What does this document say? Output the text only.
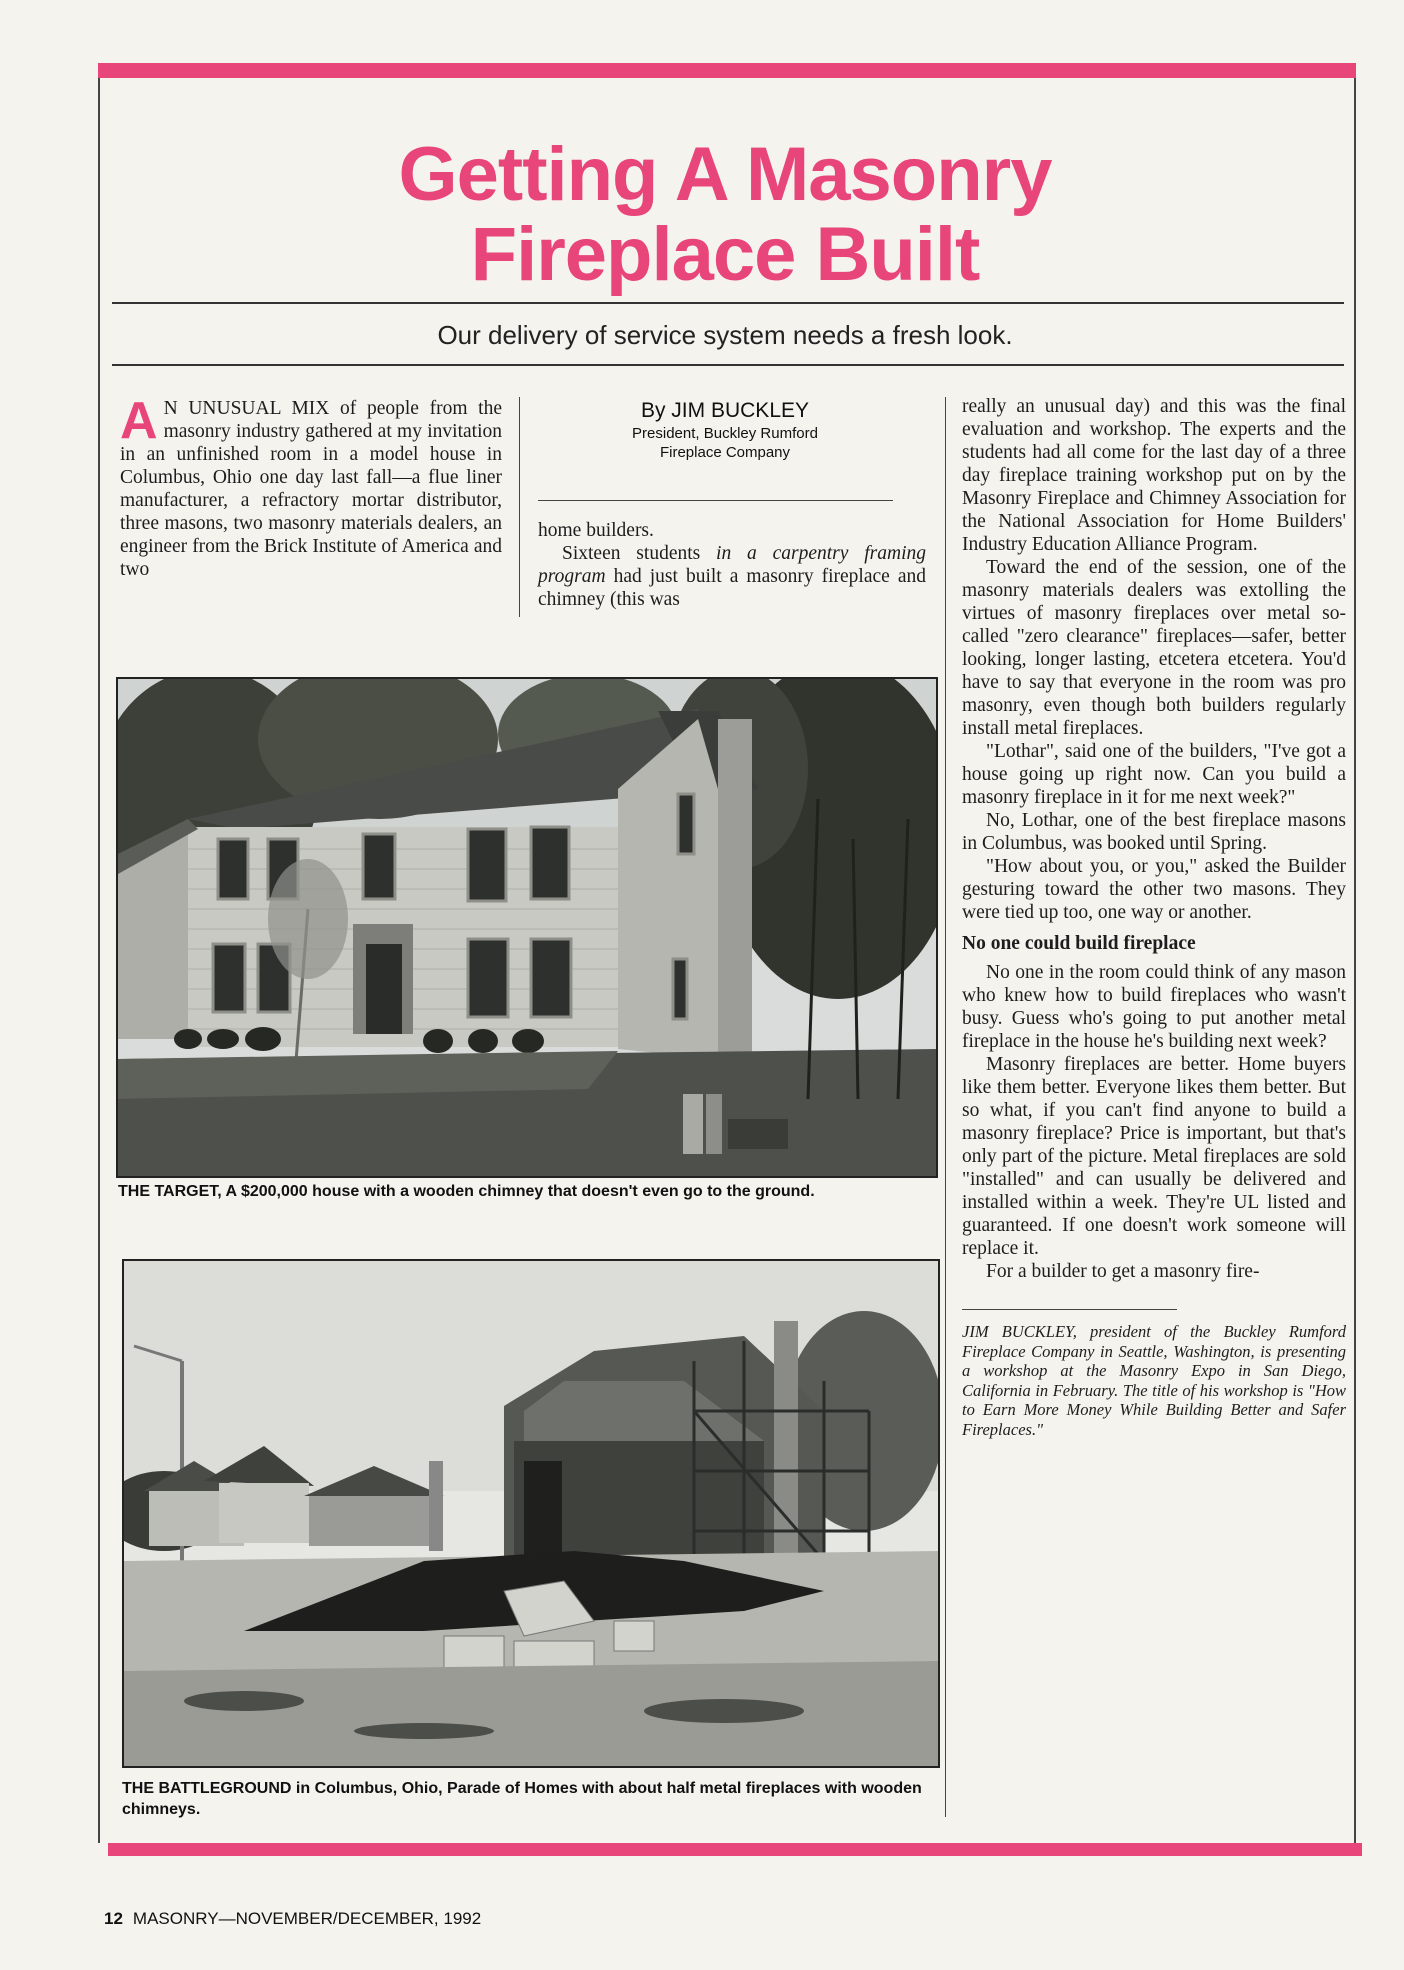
Getting A Masonry
Fireplace Built
Our delivery of service system needs a fresh look.

A N UNUSUAL MIX of people from the masonry industry gathered at my invitation in an unfinished room in a model house in Columbus, Ohio one day last fall—a flue liner manufacturer, a refractory mortar distributor, three masons, two masonry materials dealers, an engineer from the Brick Institute of America and two

By JIM BUCKLEY
President, Buckley Rumford
Fireplace Company

home builders.

Sixteen students in a carpentry framing program had just built a masonry fireplace and chimney (this was

really an unusual day) and this was the final evaluation and workshop. The experts and the students had all come for the last day of a three day fireplace training workshop put on by the Masonry Fireplace and Chimney Association for the National Association for Home Builders' Industry Education Alliance Program.

Toward the end of the session, one of the masonry materials dealers was extolling the virtues of masonry fireplaces over metal so-called "zero clearance" fireplaces—safer, better looking, longer lasting, etcetera etcetera. You'd have to say that everyone in the room was pro masonry, even though both builders regularly install metal fireplaces.

"Lothar", said one of the builders, "I've got a house going up right now. Can you build a masonry fireplace in it for me next week?"

No, Lothar, one of the best fireplace masons in Columbus, was booked until Spring.

"How about you, or you," asked the Builder gesturing toward the other two masons. They were tied up too, one way or another.

No one could build fireplace

No one in the room could think of any mason who knew how to build fireplaces who wasn't busy. Guess who's going to put another metal fireplace in the house he's building next week?

Masonry fireplaces are better. Home buyers like them better. Everyone likes them better. But so what, if you can't find anyone to build a masonry fireplace? Price is important, but that's only part of the picture. Metal fireplaces are sold "installed" and can usually be delivered and installed within a week. They're UL listed and guaranteed. If one doesn't work someone will replace it.

For a builder to get a masonry fire-

JIM BUCKLEY, president of the Buckley Rumford Fireplace Company in Seattle, Washington, is presenting a workshop at the Masonry Expo in San Diego, California in February. The title of his workshop is "How to Earn More Money While Building Better and Safer Fireplaces."

THE TARGET, A $200,000 house with a wooden chimney that doesn't even go to the ground.
THE BATTLEGROUND in Columbus, Ohio, Parade of Homes with about half metal fireplaces with wooden chimneys.
12 MASONRY—NOVEMBER/DECEMBER, 1992
